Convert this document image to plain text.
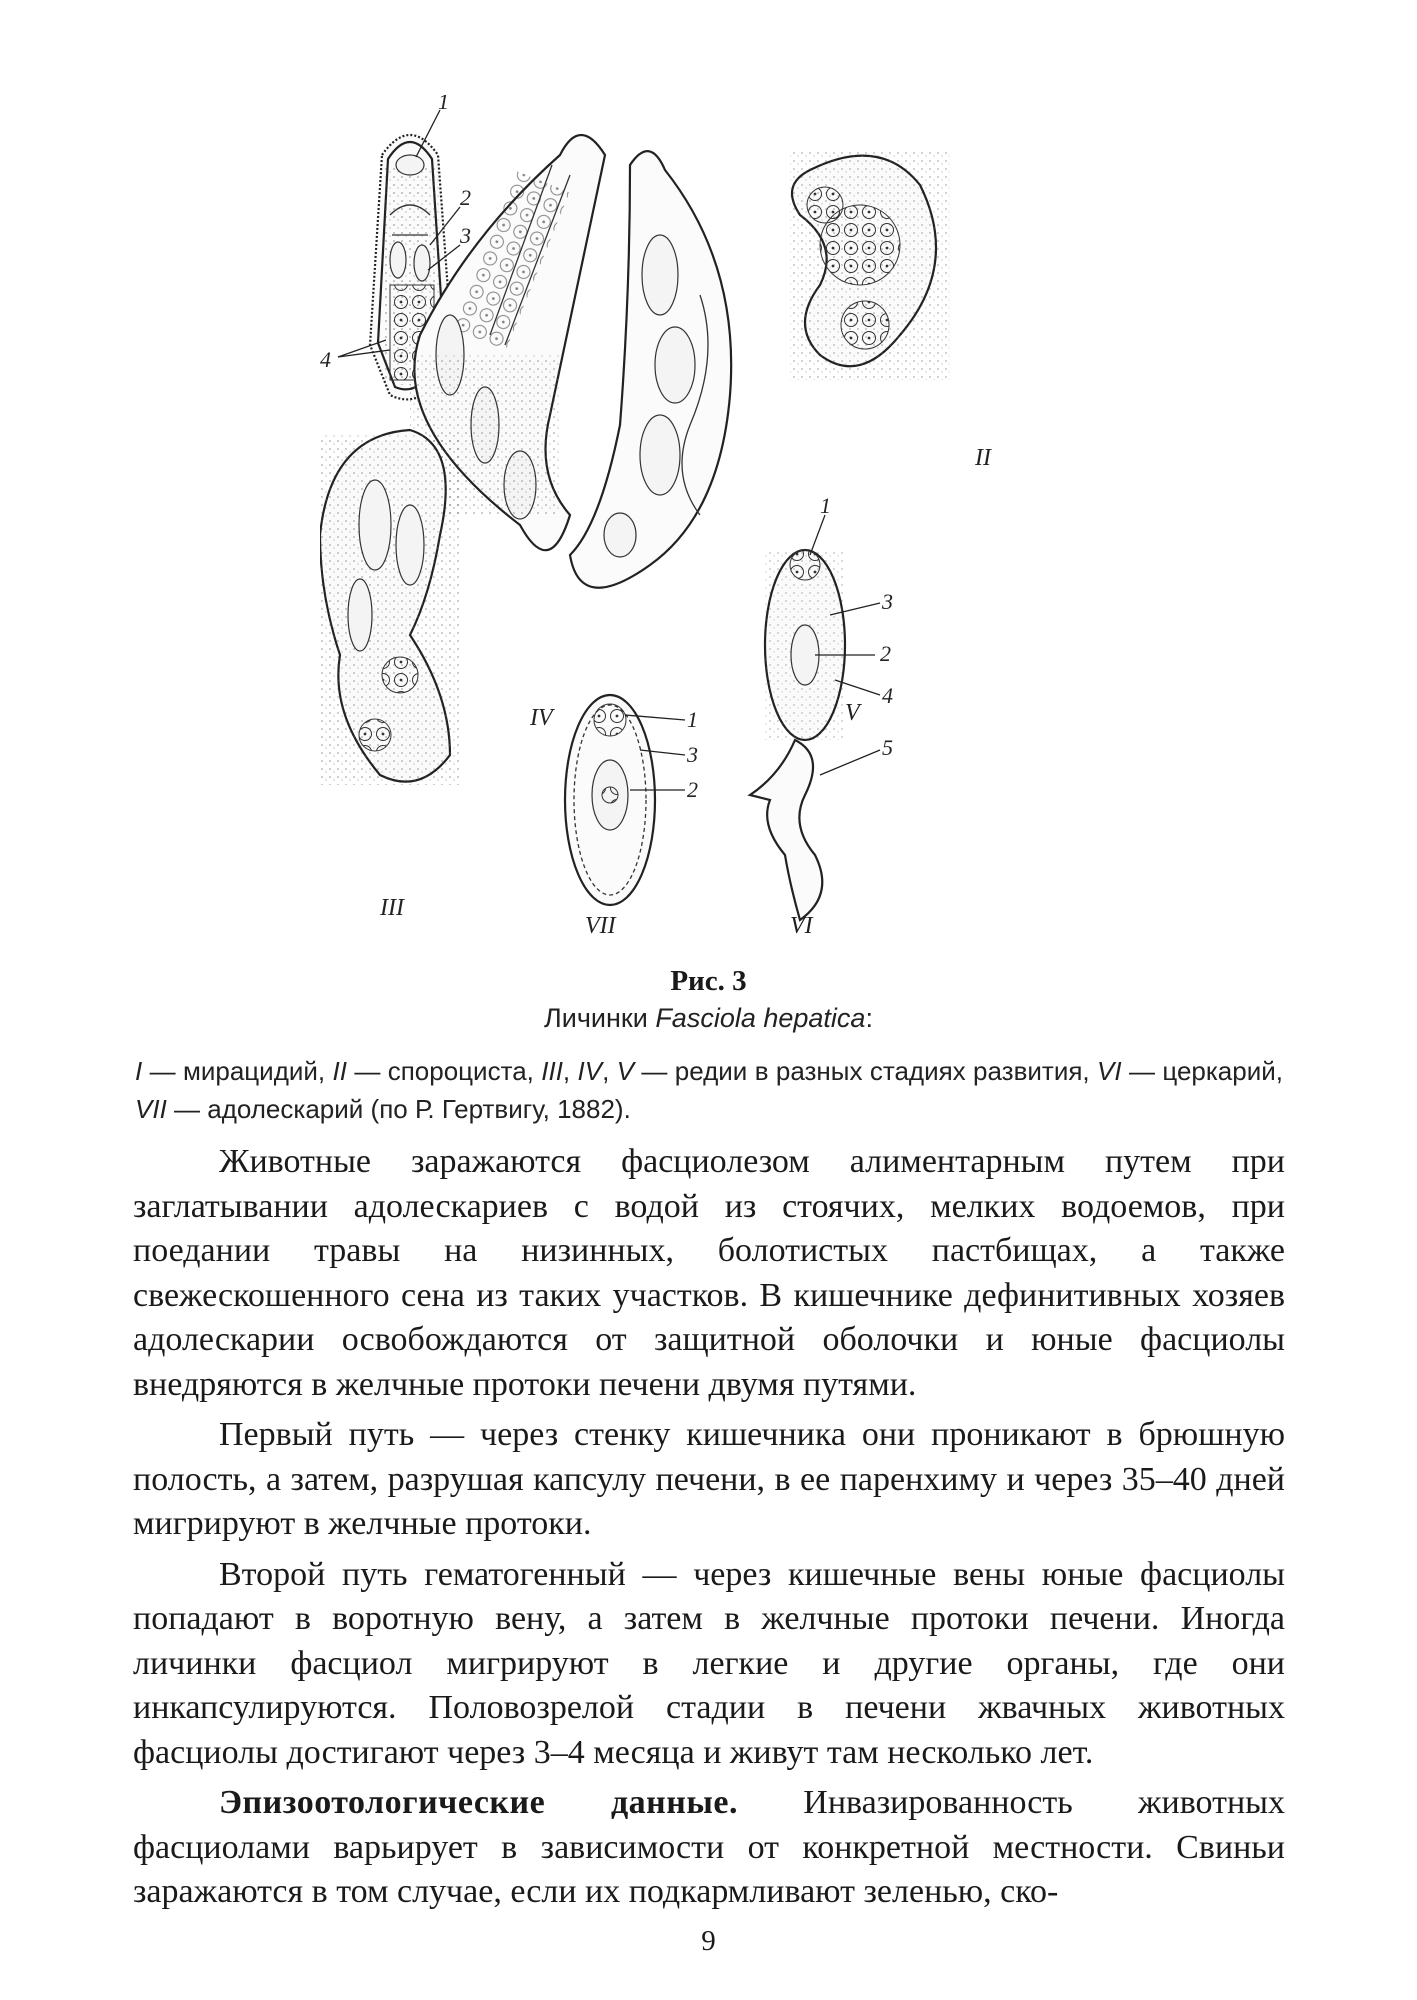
1
2
3
4
IV	V
II
III
1
3
2
VII
1
3
2
4
5
VI
Рис. 3
Личинки Fasciola hepatica:
I — мирацидий, II — спороциста, III, IV, V — редии в разных стадиях развития, VI — церкарий, VII — адолескарий (по Р. Гертвигу, 1882).

Животные заражаются фасциолезом алиментарным путем при заглатывании адолескариев с водой из стоячих, мелких водоемов, при поедании травы на низинных, болотистых пастбищах, а также свежескошенного сена из таких участков. В кишечнике дефинитивных хозяев адолескарии освобождаются от защитной оболочки и юные фасциолы внедряются в желчные протоки печени двумя путями.

Первый путь — через стенку кишечника они проникают в брюшную полость, а затем, разрушая капсулу печени, в ее паренхиму и через 35–40 дней мигрируют в желчные протоки.

Второй путь гематогенный — через кишечные вены юные фасциолы попадают в воротную вену, а затем в желчные протоки печени. Иногда личинки фасциол мигрируют в легкие и другие органы, где они инкапсулируются. Половозрелой стадии в печени жвачных животных фасциолы достигают через 3–4 месяца и живут там несколько лет.

Эпизоотологические данные. Инвазированность животных фасциолами варьирует в зависимости от конкретной местности. Свиньи заражаются в том случае, если их подкармливают зеленью, ско-

9
